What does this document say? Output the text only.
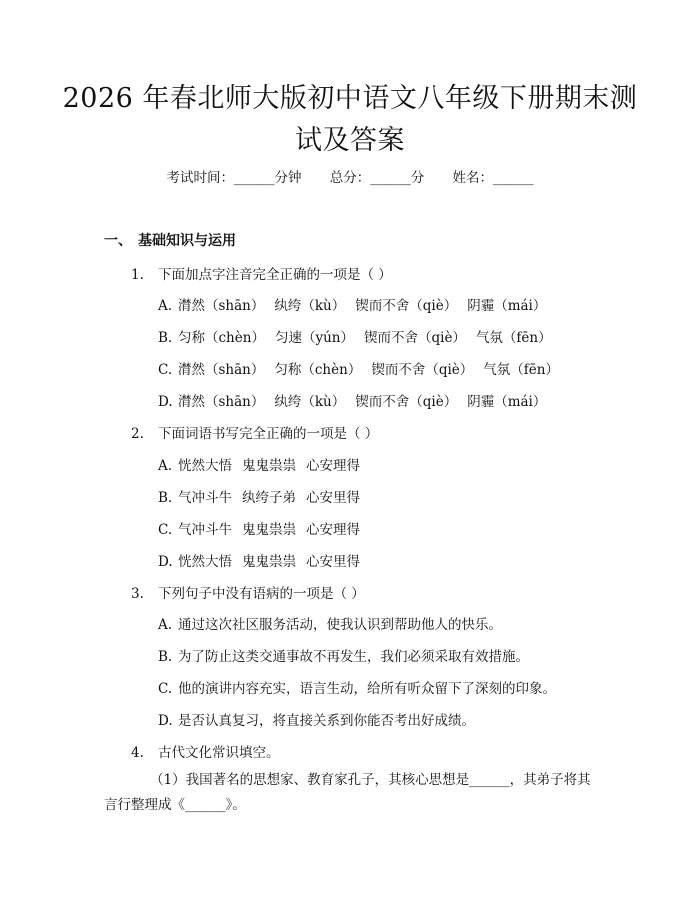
2026 年春北师大版初中语文八年级下册期末测试及答案
考试时间：______分钟 总分：______分 姓名：______
一、 基础知识与运用
1. 下面加点字注音完全正确的一项是（ ）
A. 潸然（shān） 纨绔（kù） 锲而不舍（qiè） 阴霾（mái）
B. 匀称（chèn） 匀速（yún） 锲而不舍（qiè） 气氛（fēn）
C. 潸然（shān） 匀称（chèn） 锲而不舍（qiè） 气氛（fēn）
D. 潸然（shān） 纨绔（kù） 锲而不舍（qiè） 阴霾（mái）
2. 下面词语书写完全正确的一项是（ ）
A. 恍然大悟 鬼鬼祟祟 心安理得
B. 气冲斗牛 纨绔子弟 心安里得
C. 气冲斗牛 鬼鬼祟祟 心安理得
D. 恍然大悟 鬼鬼祟祟 心安里得
3. 下列句子中没有语病的一项是（ ）
A. 通过这次社区服务活动，使我认识到帮助他人的快乐。
B. 为了防止这类交通事故不再发生，我们必须采取有效措施。
C. 他的演讲内容充实，语言生动，给所有听众留下了深刻的印象。
D. 是否认真复习，将直接关系到你能否考出好成绩。
4. 古代文化常识填空。
（1）我国著名的思想家、教育家孔子，其核心思想是______，其弟子将其言行整理成《______》。
